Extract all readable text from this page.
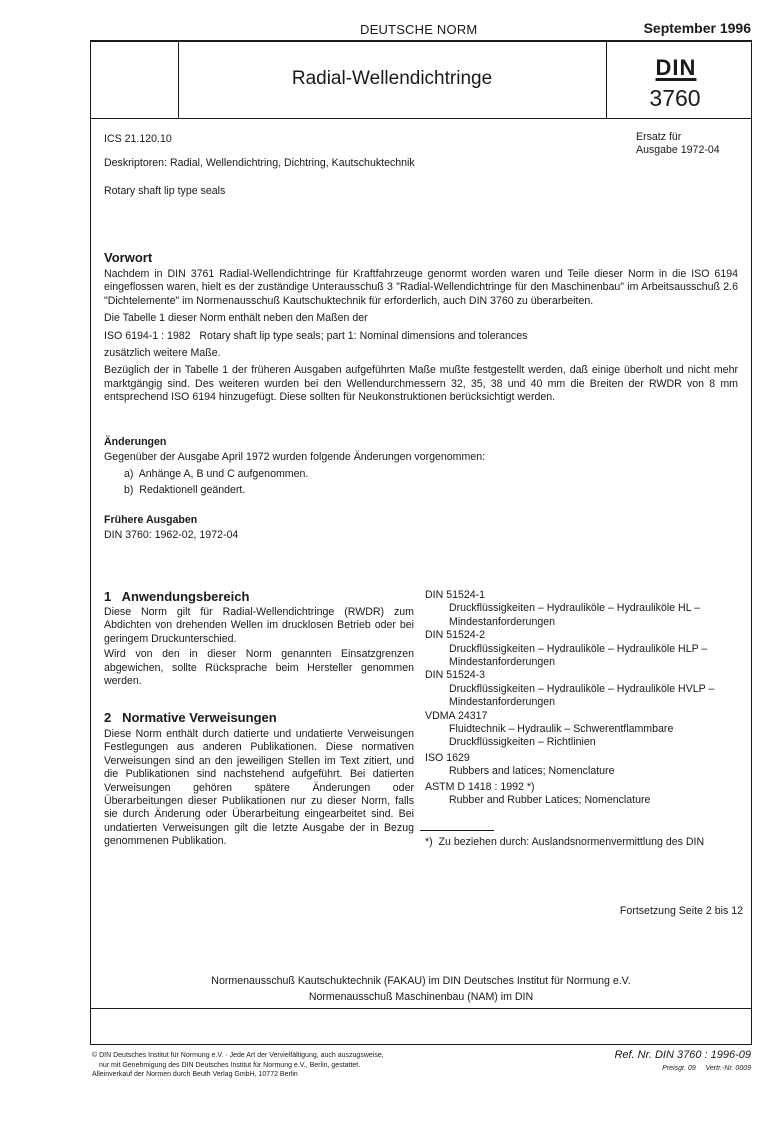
DEUTSCHE NORM	September 1996
Radial-Wellendichtringe	DIN
3760
ICS 21.120.10
Deskriptoren: Radial, Wellendichtring, Dichtring, Kautschuktechnik
Rotary shaft lip type seals
Ersatz für
Ausgabe 1972-04
Vorwort
Nachdem in DIN 3761 Radial-Wellendichtringe für Kraftfahrzeuge genormt worden waren und Teile dieser Norm in die ISO 6194 eingeflossen waren, hielt es der zuständige Unterausschuß 3 "Radial-Wellendichtringe für den Maschinenbau" im Arbeitsausschuß 2.6 "Dichtelemente" im Normenausschuß Kautschuktechnik für erforderlich, auch DIN 3760 zu überarbeiten.
Die Tabelle 1 dieser Norm enthält neben den Maßen der
ISO 6194-1 : 1982   Rotary shaft lip type seals; part 1: Nominal dimensions and tolerances
zusätzlich weitere Maße.
Bezüglich der in Tabelle 1 der früheren Ausgaben aufgeführten Maße mußte festgestellt werden, daß einige überholt und nicht mehr marktgängig sind. Des weiteren wurden bei den Wellendurchmessern 32, 35, 38 und 40 mm die Breiten der RWDR von 8 mm entsprechend ISO 6194 hinzugefügt. Diese sollten für Neukonstruktionen berücksichtigt werden.
Änderungen
Gegenüber der Ausgabe April 1972 wurden folgende Änderungen vorgenommen:
a)  Anhänge A, B und C aufgenommen.
b)  Redaktionell geändert.
Frühere Ausgaben
DIN 3760: 1962-02, 1972-04
1   Anwendungsbereich
Diese Norm gilt für Radial-Wellendichtringe (RWDR) zum Abdichten von drehenden Wellen im drucklosen Betrieb oder bei geringem Druckunterschied.
Wird von den in dieser Norm genannten Einsatzgrenzen abgewichen, sollte Rücksprache beim Hersteller genommen werden.
2   Normative Verweisungen
Diese Norm enthält durch datierte und undatierte Verweisungen Festlegungen aus anderen Publikationen. Diese normativen Verweisungen sind an den jeweiligen Stellen im Text zitiert, und die Publikationen sind nachstehend aufgeführt. Bei datierten Verweisungen gehören spätere Änderungen oder Überarbeitungen dieser Publikationen nur zu dieser Norm, falls sie durch Änderung oder Überarbeitung eingearbeitet sind. Bei undatierten Verweisungen gilt die letzte Ausgabe der in Bezug genommenen Publikation.
DIN 51524-1
Druckflüssigkeiten – Hydrauliköle – Hydrauliköle HL – Mindestanforderungen
DIN 51524-2
Druckflüssigkeiten – Hydrauliköle – Hydrauliköle HLP – Mindestanforderungen
DIN 51524-3
Druckflüssigkeiten – Hydrauliköle – Hydrauliköle HVLP – Mindestanforderungen
VDMA 24317
Fluidtechnik – Hydraulik – Schwerentflammbare Druckflüssigkeiten – Richtlinien
ISO 1629
Rubbers and latices; Nomenclature
ASTM D 1418 : 1992 *)
Rubber and Rubber Latices; Nomenclature
*)  Zu beziehen durch: Auslandsnormenvermittlung des DIN
Fortsetzung Seite 2 bis 12
Normenausschuß Kautschuktechnik (FAKAU) im DIN Deutsches Institut für Normung e.V.
Normenausschuß Maschinenbau (NAM) im DIN
© DIN Deutsches Institut für Normung e.V. · Jede Art der Vervielfältigung, auch auszugsweise,
nur mit Genehmigung des DIN Deutsches Institut für Normung e.V., Berlin, gestattet.
Alleinverkauf der Normen durch Beuth Verlag GmbH, 10772 Berlin
Ref. Nr. DIN 3760 : 1996-09
Preisgr. 09     Vertr.-Nr. 0009
